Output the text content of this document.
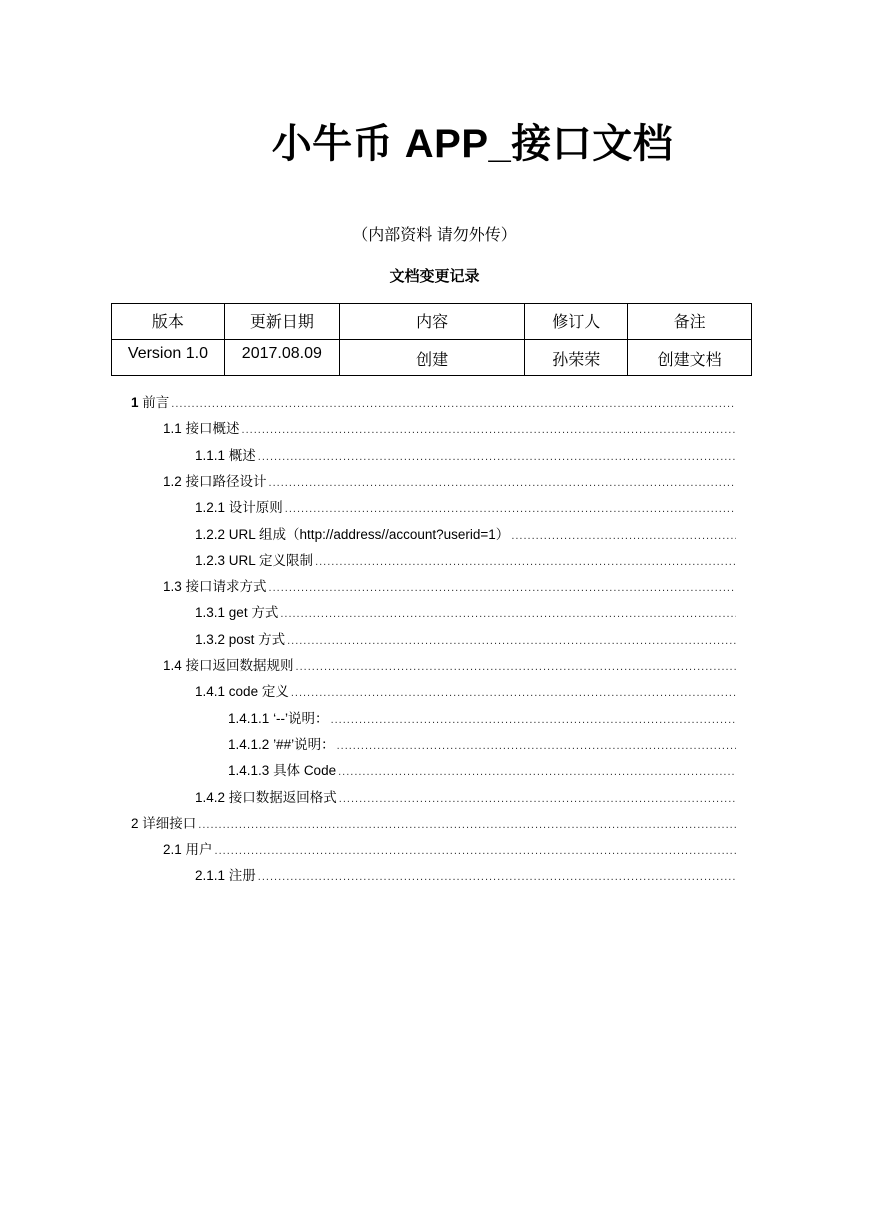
小牛币 APP_接口文档
（内部资料 请勿外传）
文档变更记录
版本	更新日期	内容	修订人	备注
Version 1.0	2017.08.09	创建	孙荣荣	创建文档
1 前言
.....
1.1 接口概述
.....
1.1.1 概述
.....
1.2 接口路径设计
.....
1.2.1 设计原则
.....
1.2.2 URL 组成（http://address//account?userid=1）
.....
1.2.3 URL 定义限制
.....
1.3 接口请求方式
.....
1.3.1 get 方式
.....
1.3.2 post 方式
.....
1.4 接口返回数据规则
.....
1.4.1 code 定义
.....
1.4.1.1 ‘--’说明：
.....
1.4.1.2 ’##’说明：
.....
1.4.1.3 具体 Code
.....
1.4.2 接口数据返回格式
.....
2 详细接口
.....
2.1 用户
.....
2.1.1 注册
.....
